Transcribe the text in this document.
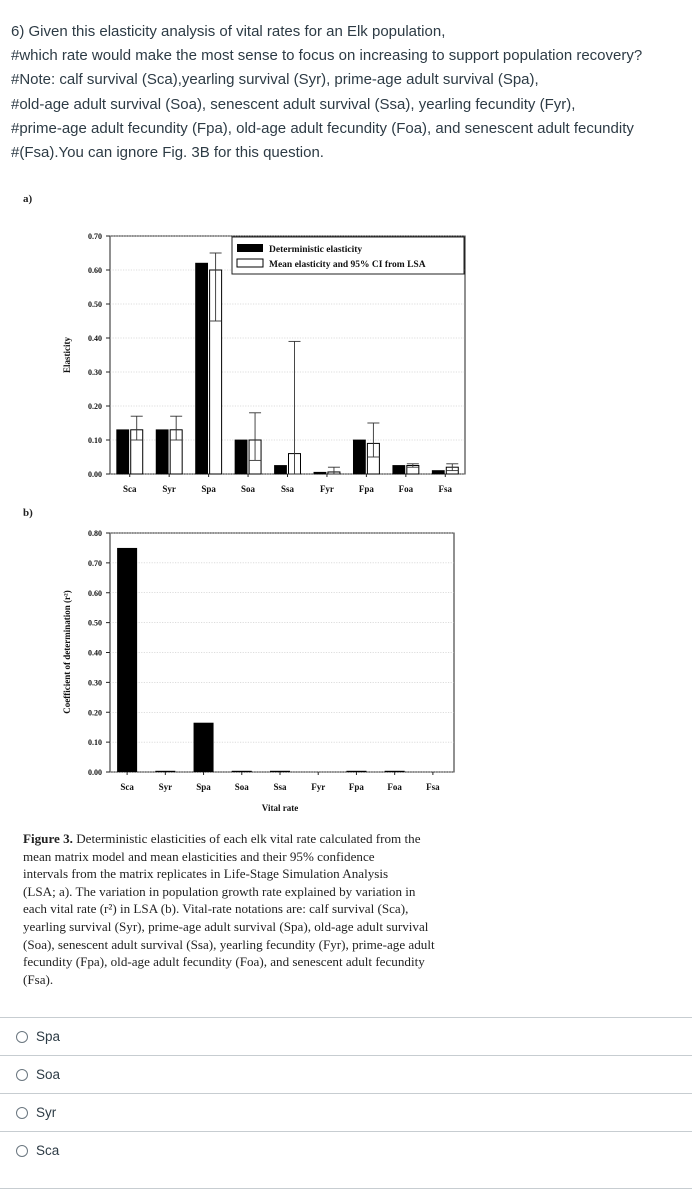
6) Given this elasticity analysis of vital rates for an Elk population,
#which rate would make the most sense to focus on increasing to support population recovery?
#Note: calf survival (Sca),yearling survival (Syr), prime-age adult survival (Spa),
#old-age adult survival (Soa), senescent adult survival (Ssa), yearling fecundity (Fyr),
#prime-age adult fecundity (Fpa), old-age adult fecundity (Foa), and senescent adult fecundity
#(Fsa).You can ignore Fig. 3B for this question.
a)
b)
0.00
0.10
0.20
0.30
0.40
0.50
0.60
0.70
Sca	Syr	Spa	Soa	Ssa	Fyr	Fpa	Foa	Fsa
Elasticity
Deterministic elasticity
Mean elasticity and 95% CI from LSA
0.00
0.10
0.20
0.30
0.40
0.50
0.60
0.70
0.80
Sca	Syr	Spa	Soa	Ssa	Fyr	Fpa	Foa	Fsa
Vital rate
Coefficient of determination (r²)
Figure 3. Deterministic elasticities of each elk vital rate calculated from the
mean matrix model and mean elasticities and their 95% confidence
intervals from the matrix replicates in Life-Stage Simulation Analysis
(LSA; a). The variation in population growth rate explained by variation in
each vital rate (r²) in LSA (b). Vital-rate notations are: calf survival (Sca),
yearling survival (Syr), prime-age adult survival (Spa), old-age adult survival
(Soa), senescent adult survival (Ssa), yearling fecundity (Fyr), prime-age adult
fecundity (Fpa), old-age adult fecundity (Foa), and senescent adult fecundity
(Fsa).
Spa
Soa
Syr
Sca
